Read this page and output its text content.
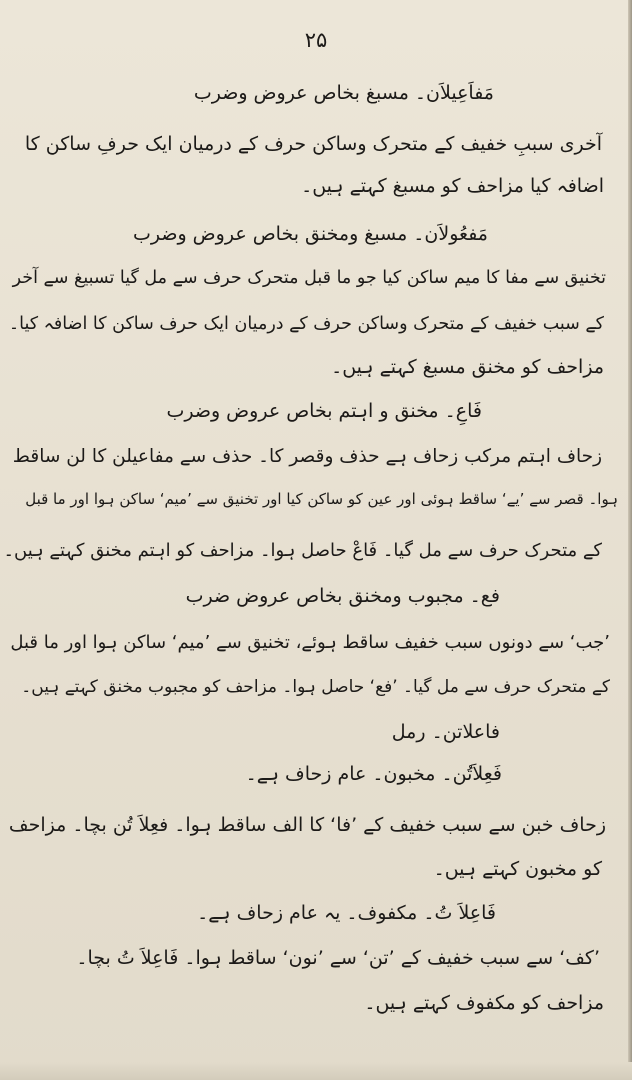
۲۵
مَفاَعِیلاَن۔ مسبغ بخاص عروض وضرب
آخری سببِ خفیف کے متحرک وساکن حرف کے درمیان ایک حرفِ ساکن کا
اضافہ کیا مزاحف کو مسبغ کہتے ہیں۔
مَفعُولاَن۔ مسبغ ومخنق بخاص عروض وضرب
تخنیق سے مفا کا میم ساکن کیا جو ما قبل متحرک حرف سے مل گیا تسبیغ سے آخر
کے سبب خفیف کے متحرک وساکن حرف کے درمیان ایک حرف ساکن کا اضافہ کیا۔
مزاحف کو مخنق مسبغ کہتے ہیں۔
فَاعِ۔ مخنق و اہتم بخاص عروض وضرب
زحاف اہتم مرکب زحاف ہے حذف وقصر کا۔ حذف سے مفاعیلن کا لن ساقط
ہوا۔ قصر سے ’یے‘ ساقط ہوئی اور عین کو ساکن کیا اور تخنیق سے ’میم‘ ساکن ہوا اور ما قبل
کے متحرک حرف سے مل گیا۔ فَاعْ حاصل ہوا۔ مزاحف کو اہتم مخنق کہتے ہیں۔
فع۔ مجبوب ومخنق بخاص عروض ضرب
’جب‘ سے دونوں سبب خفیف ساقط ہوئے، تخنیق سے ’میم‘ ساکن ہوا اور ما قبل
کے متحرک حرف سے مل گیا۔ ’فع‘ حاصل ہوا۔ مزاحف کو مجبوب مخنق کہتے ہیں۔
فاعلاتن۔ رمل
فَعِلاَتُن۔ مخبون۔ عام زحاف ہے۔
زحاف خبن سے سبب خفیف کے ’فا‘ کا الف ساقط ہوا۔ فعِلاَ تُن بچا۔ مزاحف
کو مخبون کہتے ہیں۔
فَاعِلاَ تُ۔ مکفوف۔ یہ عام زحاف ہے۔
’کف‘ سے سبب خفیف کے ’تن‘ سے ’نون‘ ساقط ہوا۔ فَاعِلاَ تُ بچا۔
مزاحف کو مکفوف کہتے ہیں۔
